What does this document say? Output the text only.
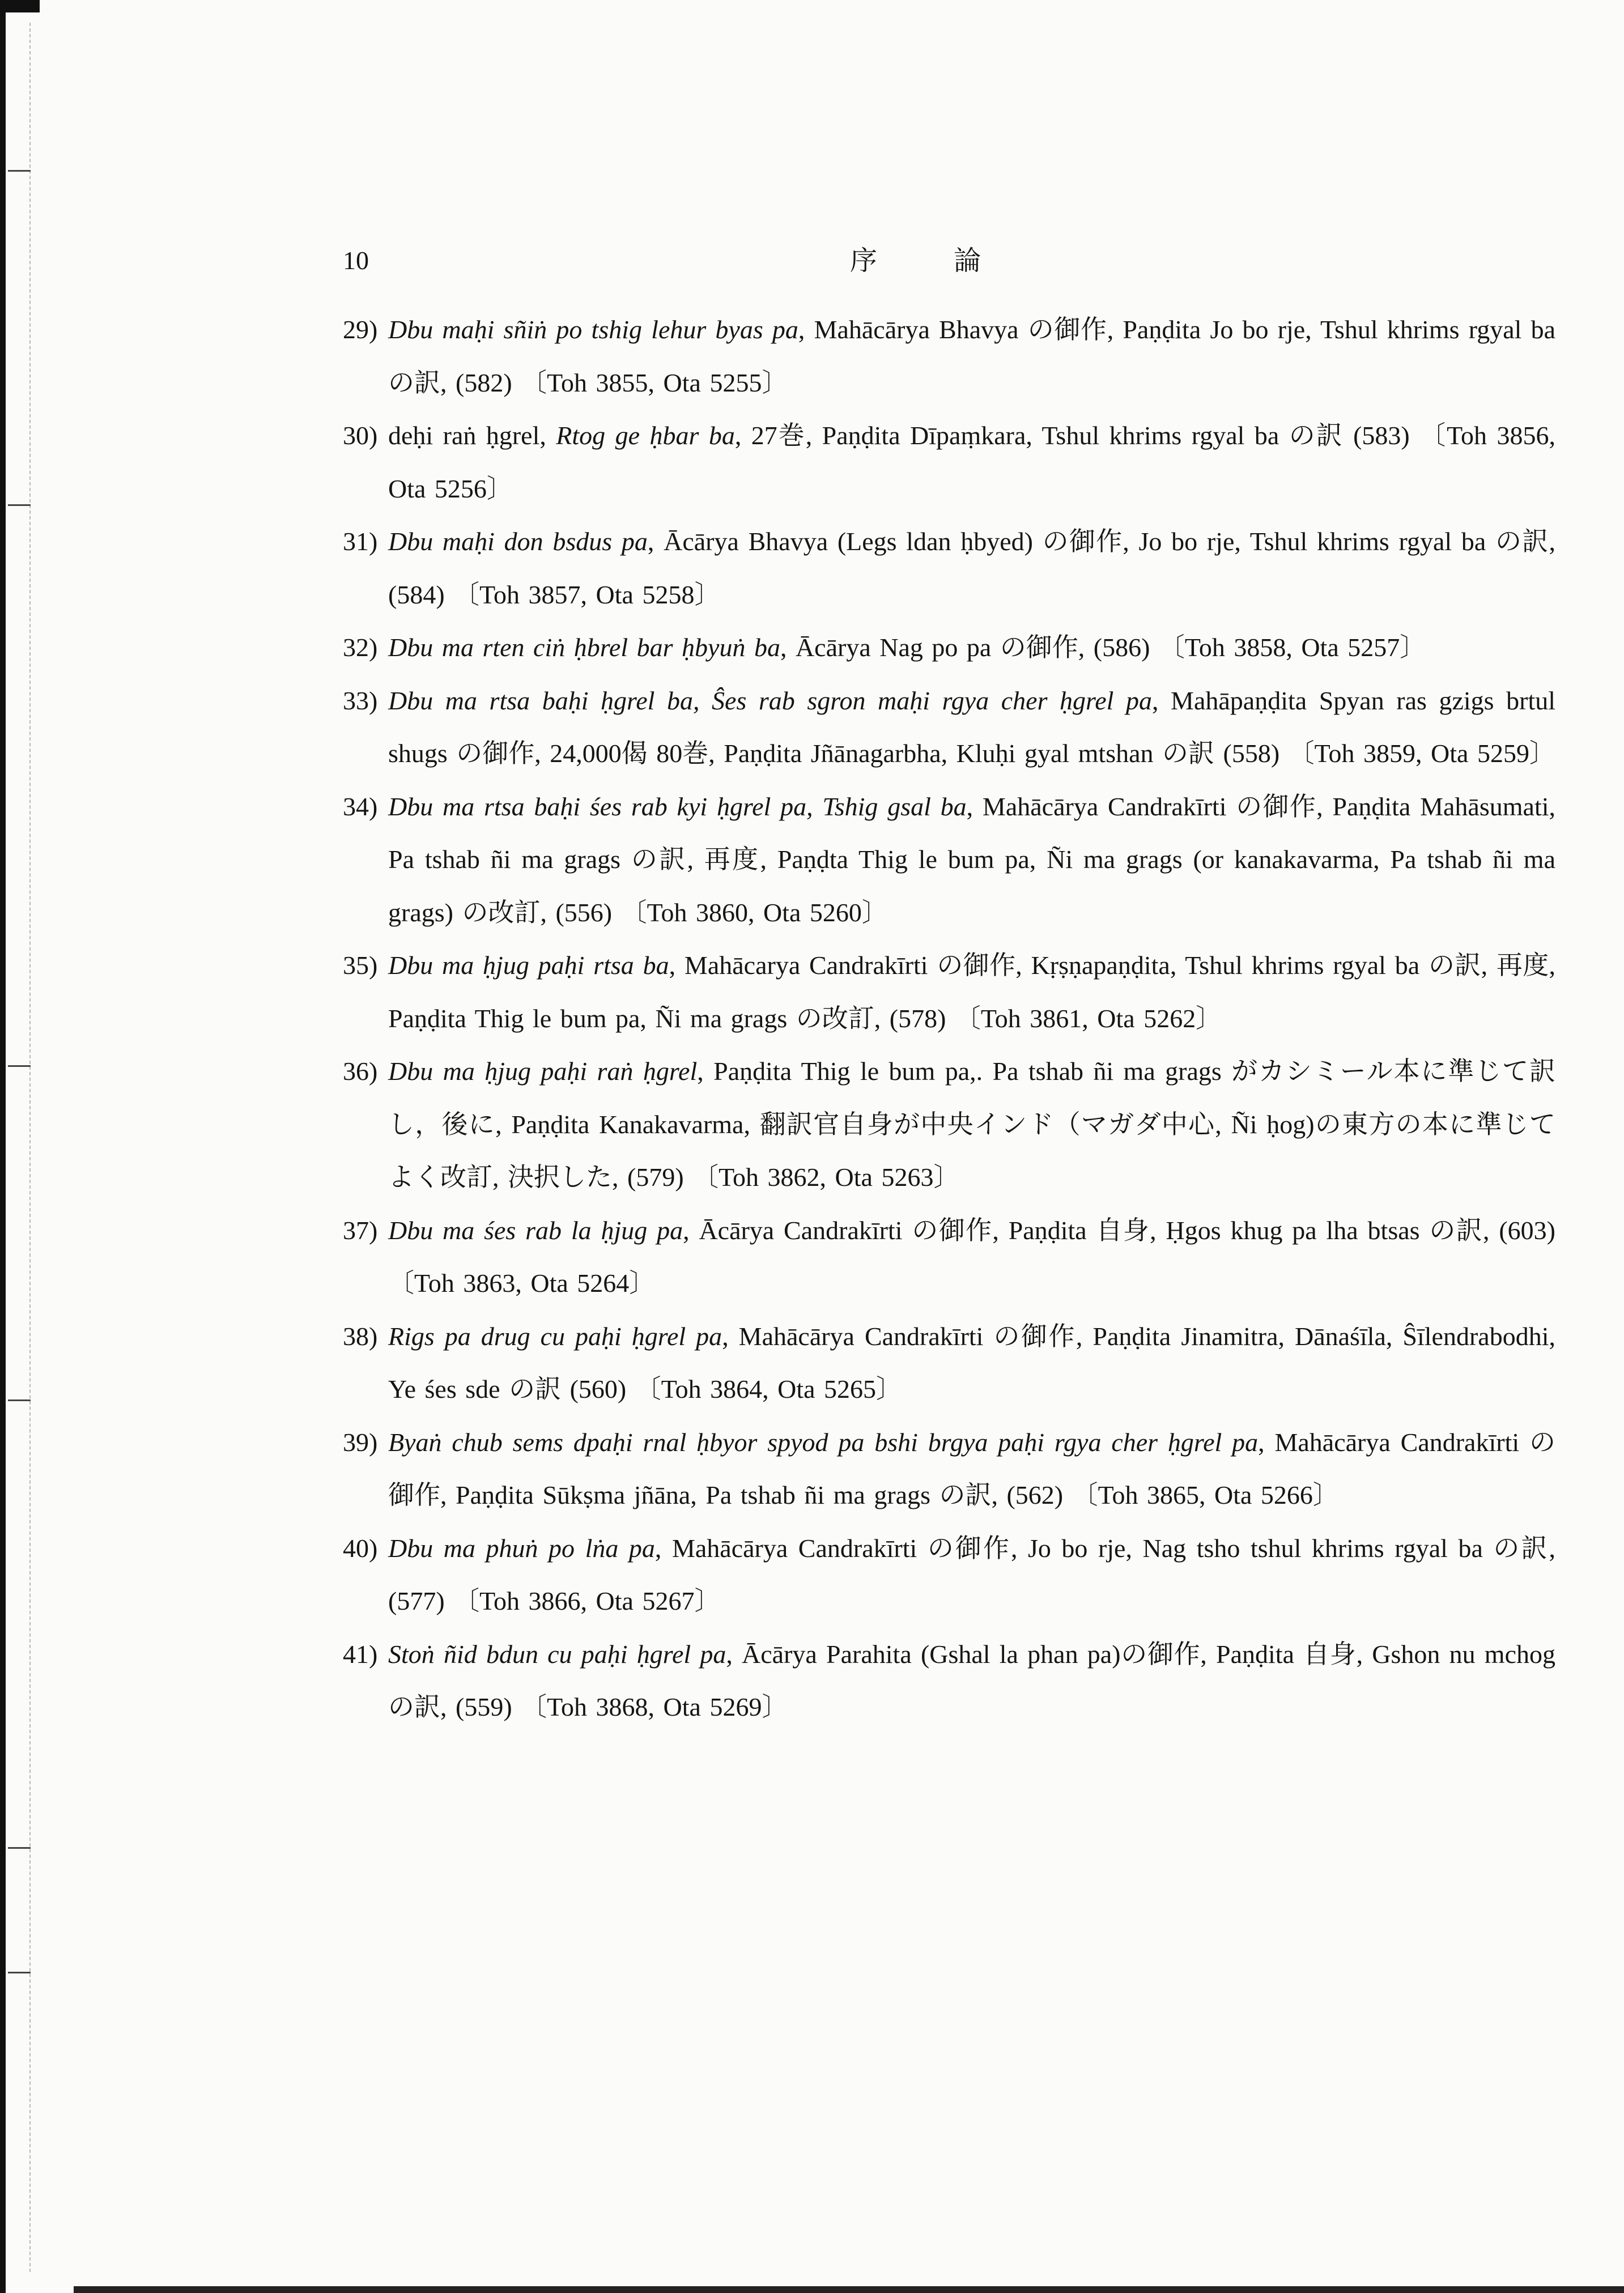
10	序 論
29) Dbu maḥi sñiṅ po tshig lehur byas pa, Mahācārya Bhavya の御作, Paṇḍita Jo bo rje, Tshul khrims rgyal ba の訳, (582) 〔Toh 3855, Ota 5255〕
30) deḥi raṅ ḥgrel, Rtog ge ḥbar ba, 27巻, Paṇḍita Dīpaṃkara, Tshul khrims rgyal ba の訳 (583) 〔Toh 3856, Ota 5256〕
31) Dbu maḥi don bsdus pa, Ācārya Bhavya (Legs ldan ḥbyed) の御作, Jo bo rje, Tshul khrims rgyal ba の訳, (584) 〔Toh 3857, Ota 5258〕
32) Dbu ma rten ciṅ ḥbrel bar ḥbyuṅ ba, Ācārya Nag po pa の御作, (586) 〔Toh 3858, Ota 5257〕
33) Dbu ma rtsa baḥi ḥgrel ba, Ŝes rab sgron maḥi rgya cher ḥgrel pa, Mahāpaṇḍita Spyan ras gzigs brtul shugs の御作, 24,000偈 80巻, Paṇḍita Jñānagarbha, Kluḥi gyal mtshan の訳 (558) 〔Toh 3859, Ota 5259〕
34) Dbu ma rtsa baḥi śes rab kyi ḥgrel pa, Tshig gsal ba, Mahācārya Candrakīrti の御作, Paṇḍita Mahāsumati, Pa tshab ñi ma grags の訳, 再度, Paṇḍta Thig le bum pa, Ñi ma grags (or kanakavarma, Pa tshab ñi ma grags) の改訂, (556) 〔Toh 3860, Ota 5260〕
35) Dbu ma ḥjug paḥi rtsa ba, Mahācarya Candrakīrti の御作, Kṛṣṇapaṇḍita, Tshul khrims rgyal ba の訳, 再度, Paṇḍita Thig le bum pa, Ñi ma grags の改訂, (578) 〔Toh 3861, Ota 5262〕
36) Dbu ma ḥjug paḥi raṅ ḥgrel, Paṇḍita Thig le bum pa,. Pa tshab ñi ma grags がカシミール本に準じて訳し，後に, Paṇḍita Kanakavarma, 翻訳官自身が中央インド（マガダ中心, Ñi ḥog)の東方の本に準じてよく改訂, 決択した, (579) 〔Toh 3862, Ota 5263〕
37) Dbu ma śes rab la ḥjug pa, Ācārya Candrakīrti の御作, Paṇḍita 自身, Ḥgos khug pa lha btsas の訳, (603) 〔Toh 3863, Ota 5264〕
38) Rigs pa drug cu paḥi ḥgrel pa, Mahācārya Candrakīrti の御作, Paṇḍita Jinamitra, Dānaśīla, Ŝīlendrabodhi, Ye śes sde の訳 (560) 〔Toh 3864, Ota 5265〕
39) Byaṅ chub sems dpaḥi rnal ḥbyor spyod pa bshi brgya paḥi rgya cher ḥgrel pa, Mahācārya Candrakīrti の御作, Paṇḍita Sūkṣma jñāna, Pa tshab ñi ma grags の訳, (562) 〔Toh 3865, Ota 5266〕
40) Dbu ma phuṅ po lṅa pa, Mahācārya Candrakīrti の御作, Jo bo rje, Nag tsho tshul khrims rgyal ba の訳, (577) 〔Toh 3866, Ota 5267〕
41) Stoṅ ñid bdun cu paḥi ḥgrel pa, Ācārya Parahita (Gshal la phan pa)の御作, Paṇḍita 自身, Gshon nu mchog の訳, (559) 〔Toh 3868, Ota 5269〕
